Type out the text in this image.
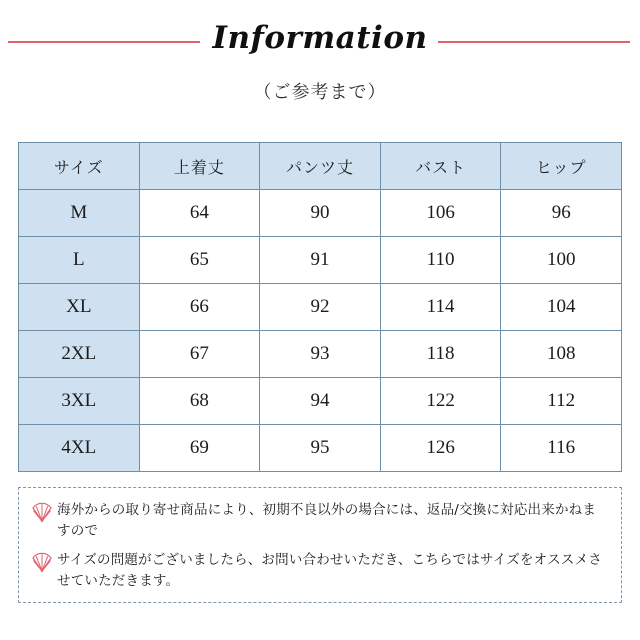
Information
（ご参考まで）
サイズ	上着丈	パンツ丈	バスト	ヒップ
M	64	90	106	96
L	65	91	110	100
XL	66	92	114	104
2XL	67	93	118	108
3XL	68	94	122	112
4XL	69	95	126	116
海外からの取り寄せ商品により、初期不良以外の場合には、返品/交換に対応出来かねますので
サイズの問題がございましたら、お問い合わせいただき、こちらではサイズをオススメさせていただきます。
